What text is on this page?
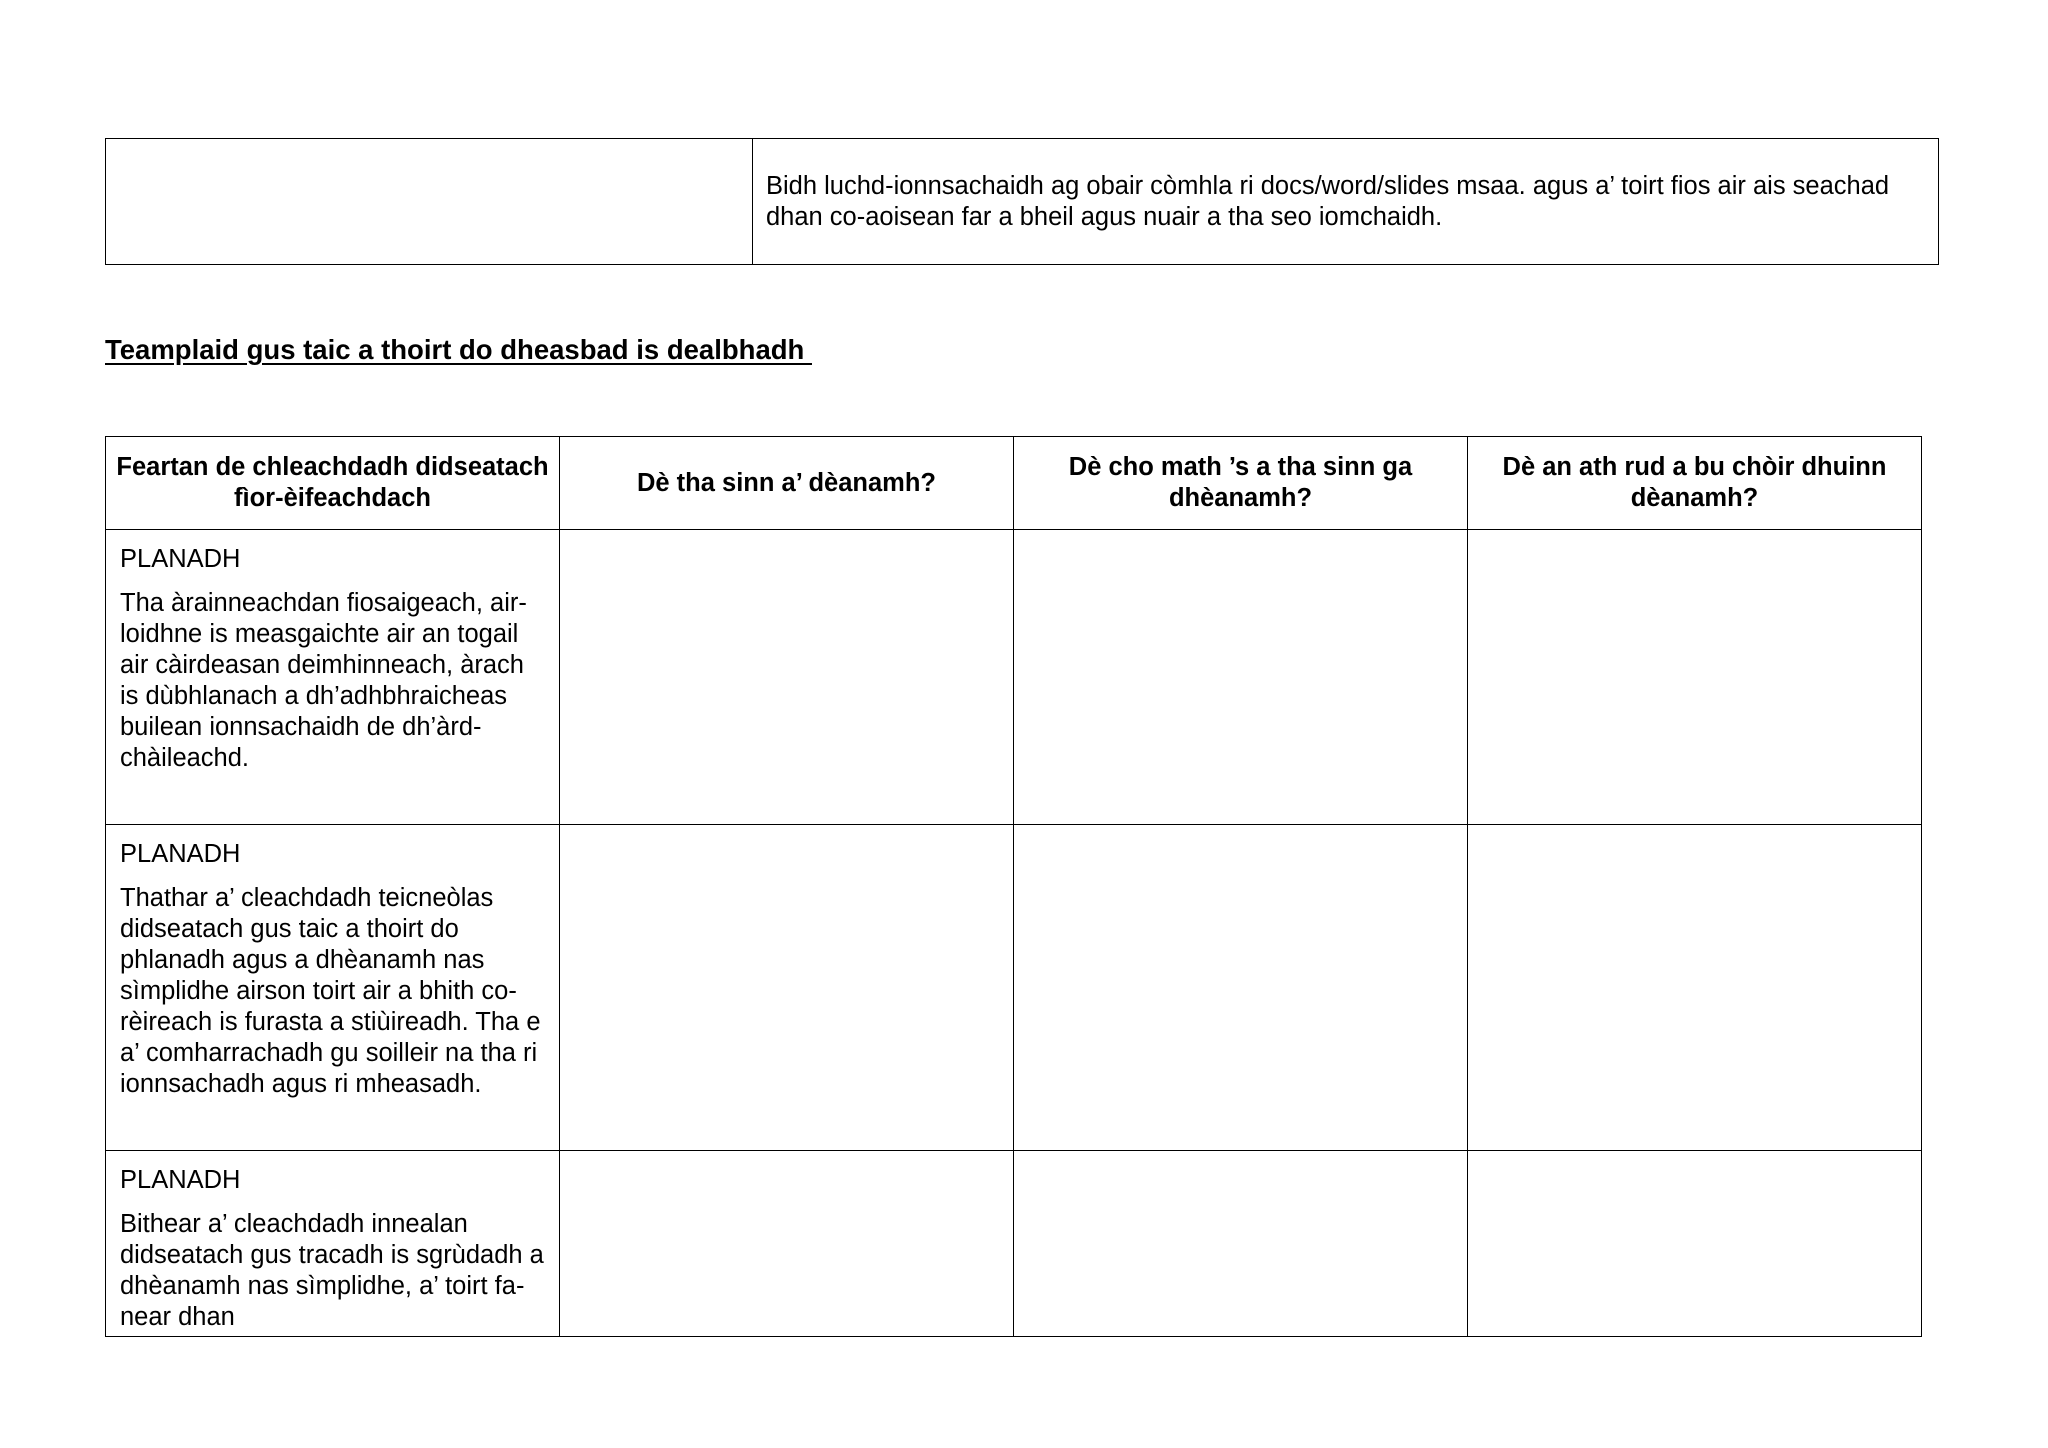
Bidh luchd-ionnsachaidh ag obair còmhla ri docs/word/slides msaa. agus a’ toirt fios air ais seachad dhan co-aoisean far a bheil agus nuair a tha seo iomchaidh.
Teamplaid gus taic a thoirt do dheasbad is dealbhadh
Feartan de chleachdadh didseatach fìor-èifeachdach	Dè tha sinn a’ dèanamh?	Dè cho math ’s a tha sinn ga dhèanamh?	Dè an ath rud a bu chòir dhuinn dèanamh?

PLANADH

Tha àrainneachdan fiosaigeach, air-loidhne is measgaichte air an togail air càirdeasan deimhinneach, àrach is dùbhlanach a dh’adhbhraicheas builean ionnsachaidh de dh’àrd-chàileachd.			

PLANADH

Thathar a’ cleachdadh teicneòlas didseatach gus taic a thoirt do phlanadh agus a dhèanamh nas sìmplidhe airson toirt air a bhith co-rèireach is furasta a stiùireadh. Tha e a’ comharrachadh gu soilleir na tha ri ionnsachadh agus ri mheasadh.			

PLANADH

Bithear a’ cleachdadh innealan didseatach gus tracadh is sgrùdadh a dhèanamh nas sìmplidhe, a’ toirt fa-near dhan			
